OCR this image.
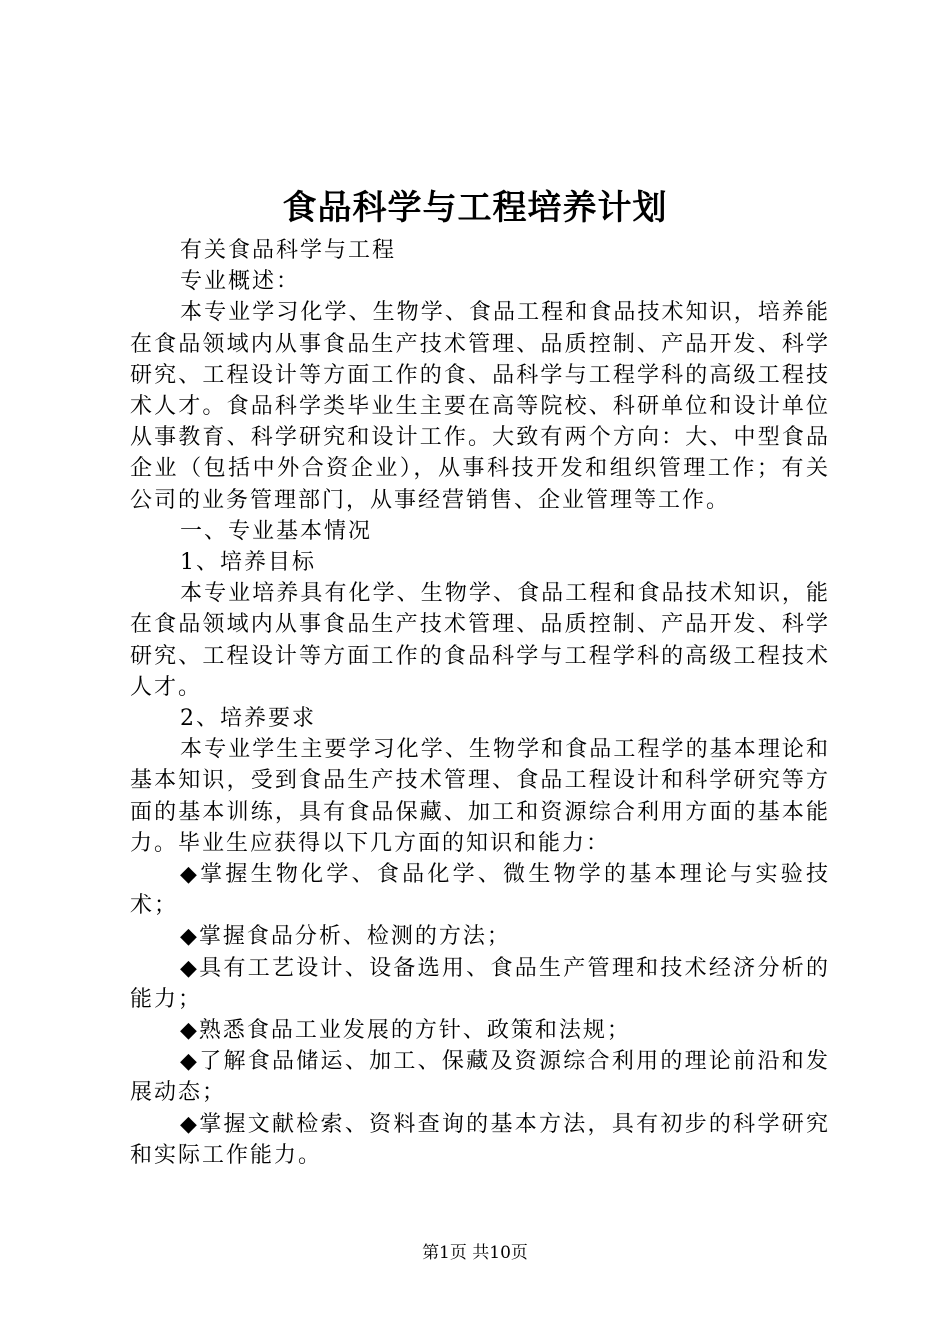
食品科学与工程培养计划

有关食品科学与工程

专业概述：

本专业学习化学、生物学、食品工程和食品技术知识，培养能在食品领域内从事食品生产技术管理、品质控制、产品开发、科学研究、工程设计等方面工作的食、品科学与工程学科的高级工程技术人才。食品科学类毕业生主要在高等院校、科研单位和设计单位从事教育、科学研究和设计工作。大致有两个方向：大、中型食品企业（包括中外合资企业），从事科技开发和组织管理工作；有关公司的业务管理部门，从事经营销售、企业管理等工作。

一、专业基本情况

1、培养目标

本专业培养具有化学、生物学、食品工程和食品技术知识，能在食品领域内从事食品生产技术管理、品质控制、产品开发、科学研究、工程设计等方面工作的食品科学与工程学科的高级工程技术人才。

2、培养要求

本专业学生主要学习化学、生物学和食品工程学的基本理论和基本知识，受到食品生产技术管理、食品工程设计和科学研究等方面的基本训练，具有食品保藏、加工和资源综合利用方面的基本能力。毕业生应获得以下几方面的知识和能力：

◆掌握生物化学、食品化学、微生物学的基本理论与实验技术；

◆掌握食品分析、检测的方法；

◆具有工艺设计、设备选用、食品生产管理和技术经济分析的能力；

◆熟悉食品工业发展的方针、政策和法规；

◆了解食品储运、加工、保藏及资源综合利用的理论前沿和发展动态；

◆掌握文献检索、资料查询的基本方法，具有初步的科学研究和实际工作能力。

第1页 共10页
